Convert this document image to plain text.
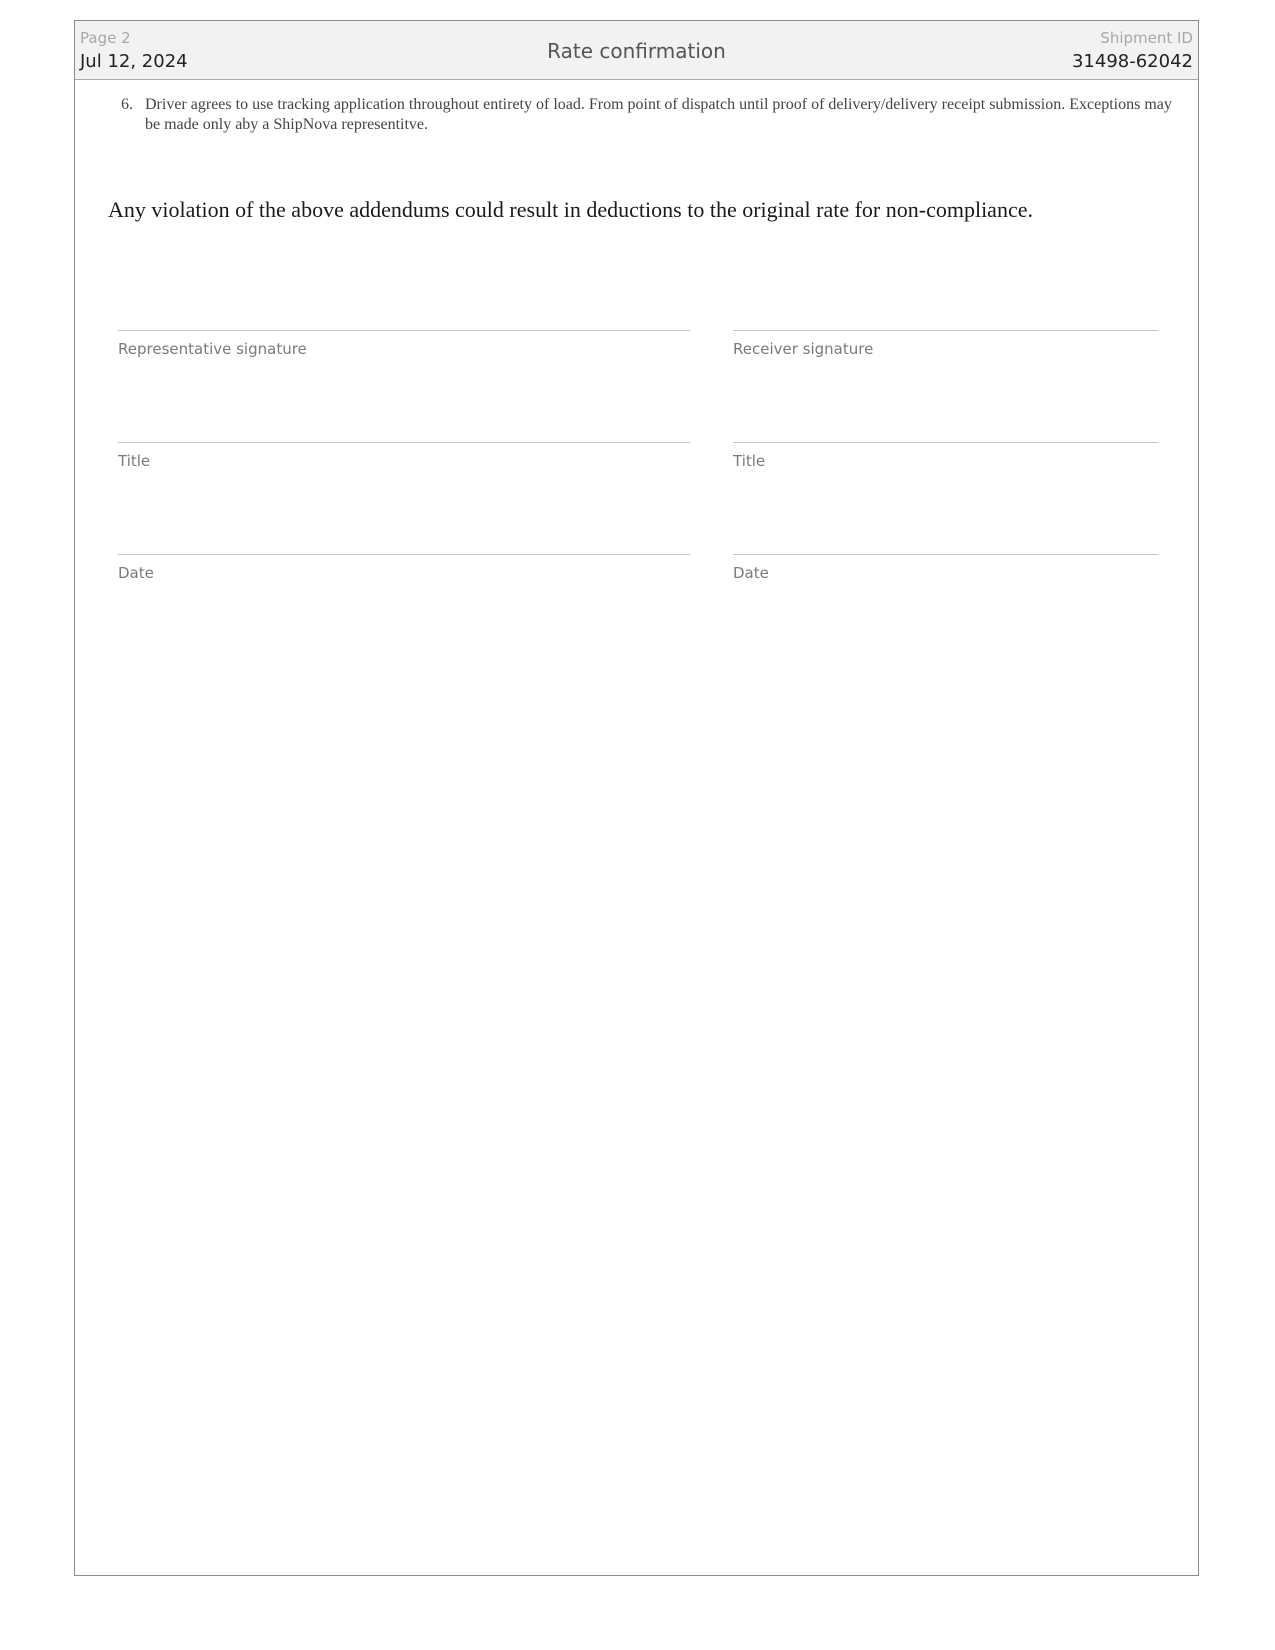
Page 2
Jul 12, 2024	Rate confirmation
Shipment ID
31498-62042
6. Driver agrees to use tracking application throughout entirety of load. From point of dispatch until proof of delivery/delivery receipt submission. Exceptions may be made only aby a ShipNova representitve.
Any violation of the above addendums could result in deductions to the original rate for non-compliance.
Representative signature
Title
Date
Receiver signature
Title
Date
